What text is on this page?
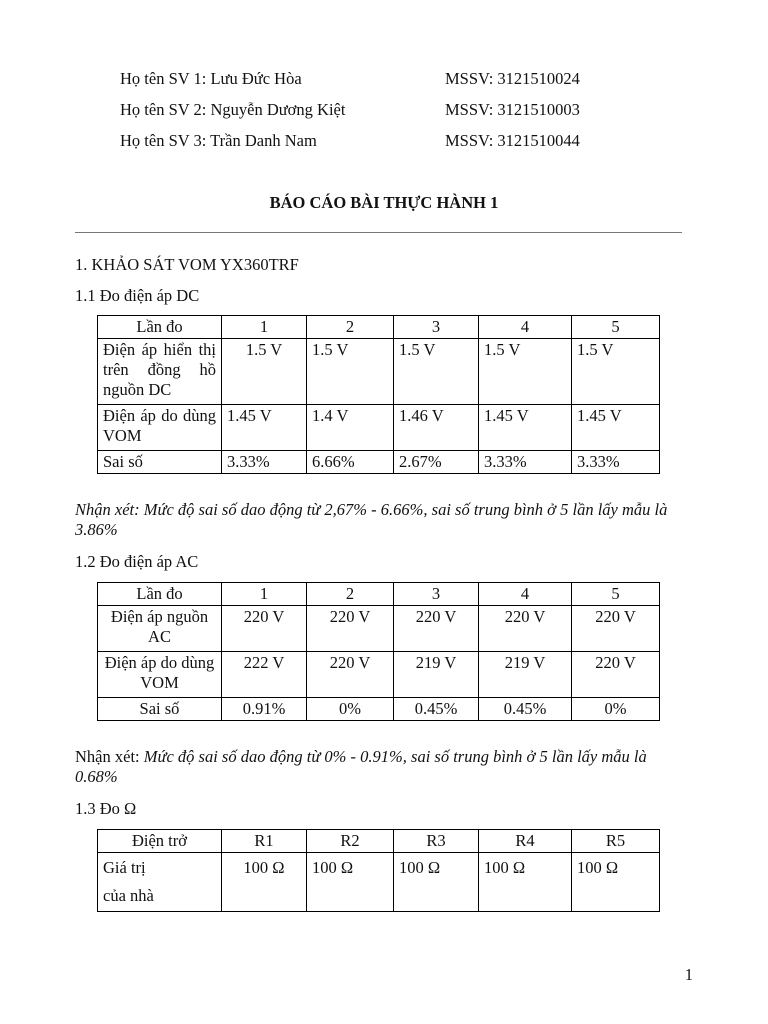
Họ tên SV 1: Lưu Đức Hòa	MSSV: 3121510024
Họ tên SV 2: Nguyễn Dương Kiệt	MSSV: 3121510003
Họ tên SV 3: Trần Danh Nam	MSSV: 3121510044
BÁO CÁO BÀI THỰC HÀNH 1
1. KHẢO SÁT VOM YX360TRF
1.1 Đo điện áp DC
Lần đo	1	2	3	4	5
Điện áp hiển thị trên đồng hồ nguồn DC	1.5 V	1.5 V	1.5 V	1.5 V	1.5 V
Điện áp do dùng VOM	1.45 V	1.4 V	1.46 V	1.45 V	1.45 V
Sai số	3.33%	6.66%	2.67%	3.33%	3.33%
Nhận xét: Mức độ sai số dao động từ 2,67% - 6.66%, sai số trung bình ở 5 lần lấy mẫu là 3.86%
1.2 Đo điện áp AC
Lần đo	1	2	3	4	5
Điện áp nguồn AC	220 V	220 V	220 V	220 V	220 V
Điện áp do dùng VOM	222 V	220 V	219 V	219 V	220 V
Sai số	0.91%	0%	0.45%	0.45%	0%
Nhận xét: Mức độ sai số dao động từ 0% - 0.91%, sai số trung bình ở 5 lần lấy mẫu là 0.68%
1.3 Đo Ω
Điện trở	R1	R2	R3	R4	R5
Giá trị
của nhà	100 Ω	100 Ω	100 Ω	100 Ω	100 Ω
1
